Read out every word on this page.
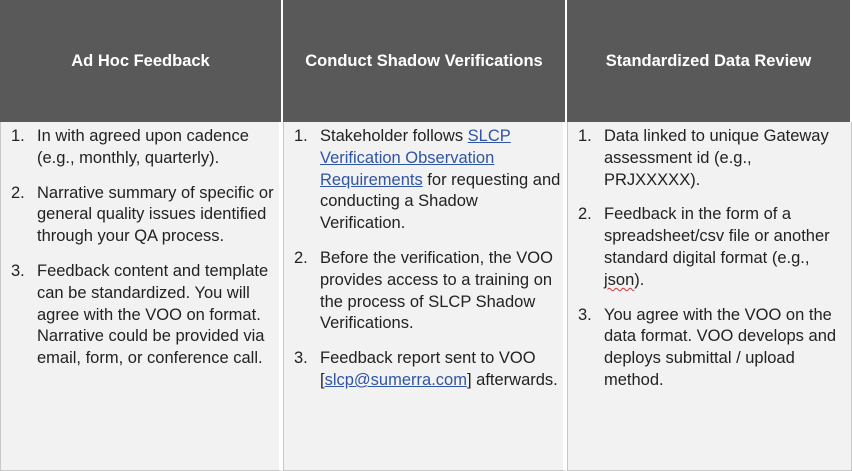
Ad Hoc Feedback	Conduct Shadow Verifications	Standardized Data Review
1. In with agreed upon cadence (e.g., monthly, quarterly).
2. Narrative summary of specific or general quality issues identified through your QA process.
3. Feedback content and template can be standardized. You will agree with the VOO on format. Narrative could be provided via email, form, or conference call.
1. Stakeholder follows SLCP Verification Observation Requirements for requesting and conducting a Shadow Verification.
2. Before the verification, the VOO provides access to a training on the process of SLCP Shadow Verifications.
3. Feedback report sent to VOO [slcp@sumerra.com] afterwards.
1. Data linked to unique Gateway assessment id (e.g., PRJXXXXX).
2. Feedback in the form of a spreadsheet/csv file or another standard digital format (e.g., json).
3. You agree with the VOO on the data format. VOO develops and deploys submittal / upload method.
